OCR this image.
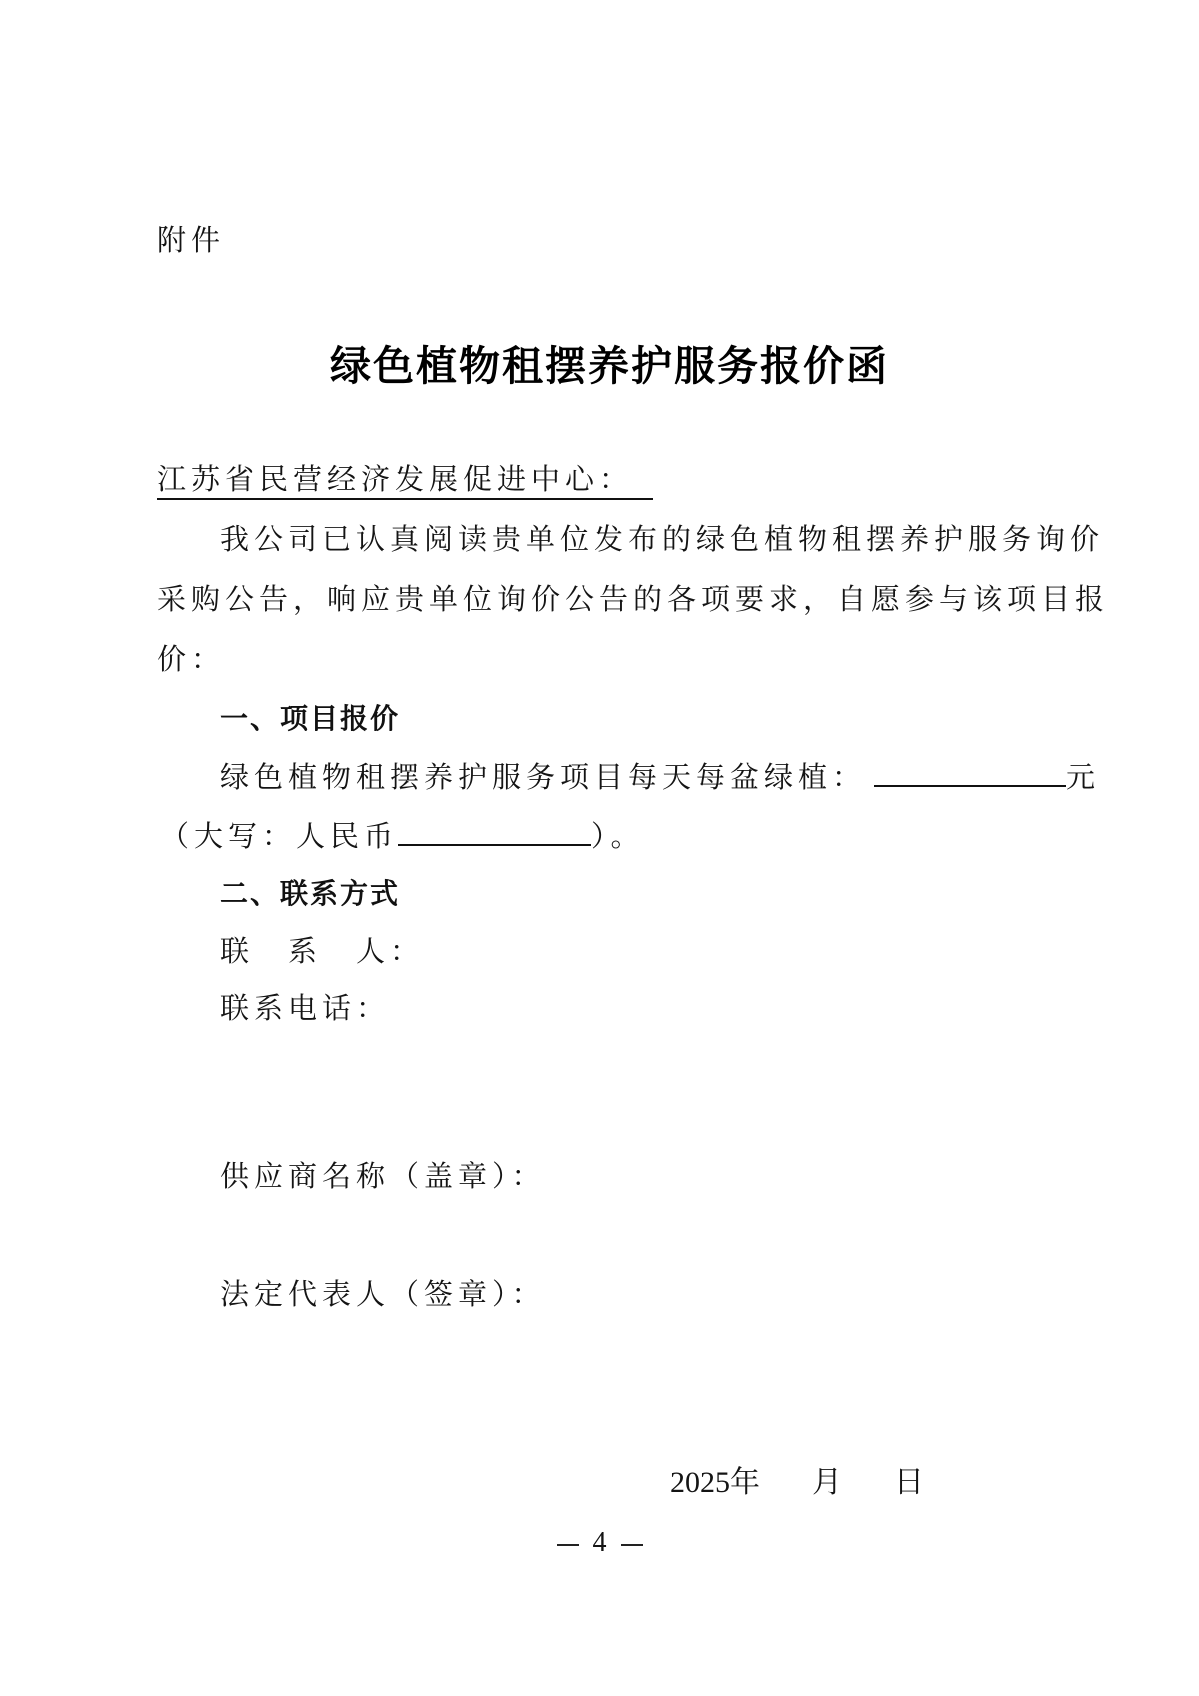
附件
绿色植物租摆养护服务报价函
江苏省民营经济发展促进中心：
我公司已认真阅读贵单位发布的绿色植物租摆养护服务询价
采购公告，响应贵单位询价公告的各项要求，自愿参与该项目报
价：
一、项目报价
绿色植物租摆养护服务项目每天每盆绿植：	元
（大写：人民币	）。
二、联系方式
联　系　人：
联系电话：
供应商名称（盖章）：
法定代表人（签章）：
2025年 月 日
4
